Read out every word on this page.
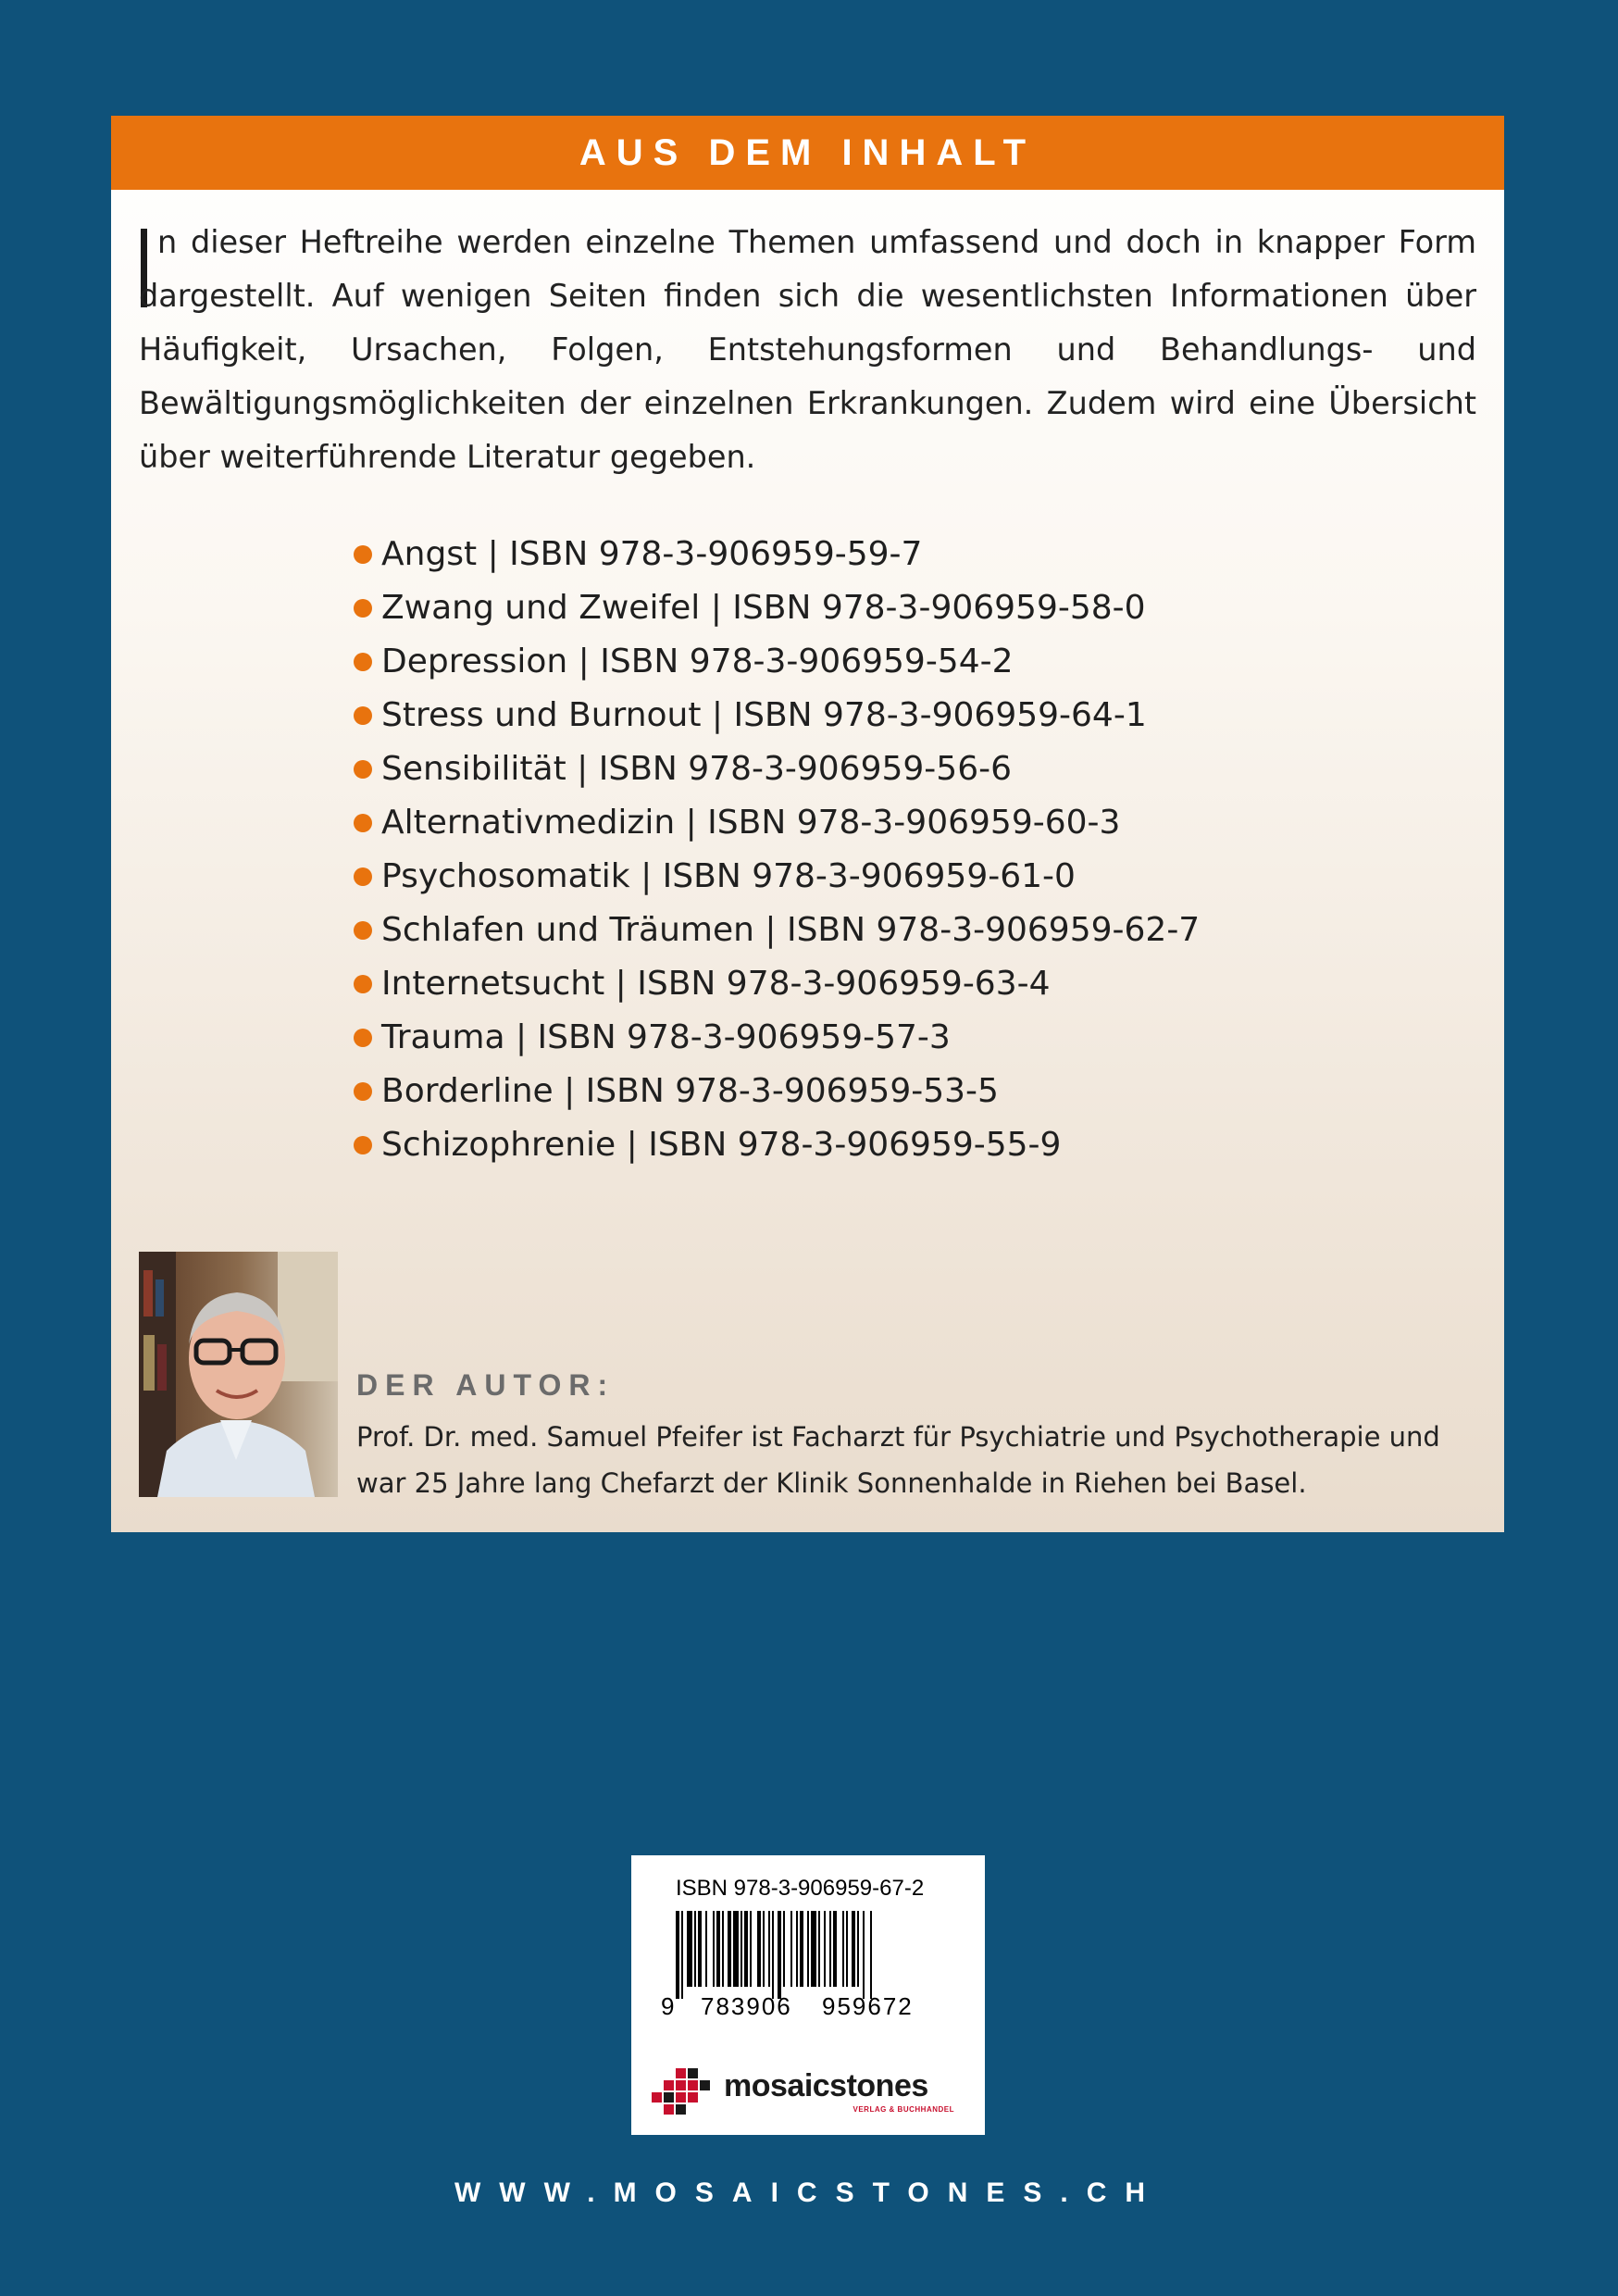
AUS DEM INHALT
n dieser Heftreihe werden einzelne Themen umfassend und doch in knapper Form dargestellt. Auf wenigen Seiten finden sich die wesentlichsten Informationen über Häufigkeit, Ursachen, Folgen, Entstehungsformen und Behandlungs- und Bewältigungsmöglichkeiten der einzelnen Erkrankungen. Zudem wird eine Übersicht über weiterführende Literatur gegeben.
Angst | ISBN 978-3-906959-59-7
Zwang und Zweifel | ISBN 978-3-906959-58-0
Depression | ISBN 978-3-906959-54-2
Stress und Burnout | ISBN 978-3-906959-64-1
Sensibilität | ISBN 978-3-906959-56-6
Alternativmedizin | ISBN 978-3-906959-60-3
Psychosomatik | ISBN 978-3-906959-61-0
Schlafen und Träumen | ISBN 978-3-906959-62-7
Internetsucht | ISBN 978-3-906959-63-4
Trauma | ISBN 978-3-906959-57-3
Borderline | ISBN 978-3-906959-53-5
Schizophrenie | ISBN 978-3-906959-55-9
DER AUTOR:
Prof. Dr. med. Samuel Pfeifer ist Facharzt für Psychiatrie und Psychotherapie und war 25 Jahre lang Chefarzt der Klinik Sonnenhalde in Riehen bei Basel.
ISBN 978-3-906959-67-2
9 783906 959672
mosaicstones
VERLAG & BUCHHANDEL
WWW.MOSAICSTONES.CH
